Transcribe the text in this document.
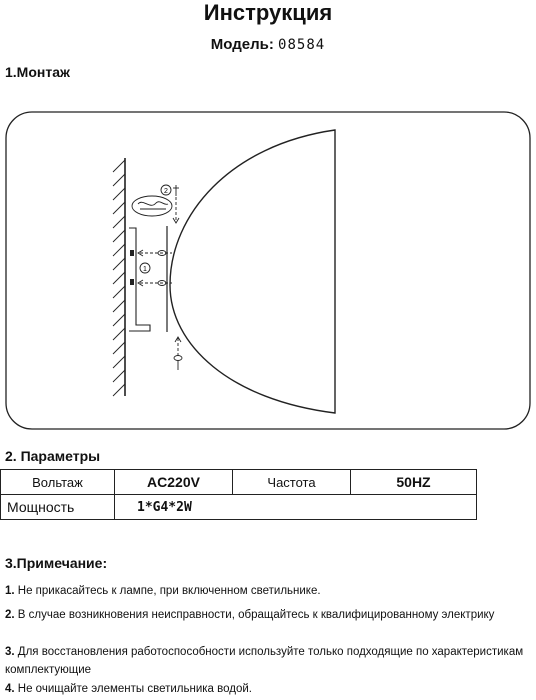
Инструкция
Модель: 08584
1.Монтаж
1
2
2. Параметры
Вольтаж	AC220V	Частота	50HZ
Мощность	1*G4*2W		
3.Примечание:
1. Не прикасайтесь к лампе, при включенном светильнике.
2. В случае возникновения неисправности, обращайтесь к квалифицированному электрику
3. Для восстановления работоспособности используйте только подходящие по характеристикам комплектующие
4. Не очищайте элементы светильника водой.
